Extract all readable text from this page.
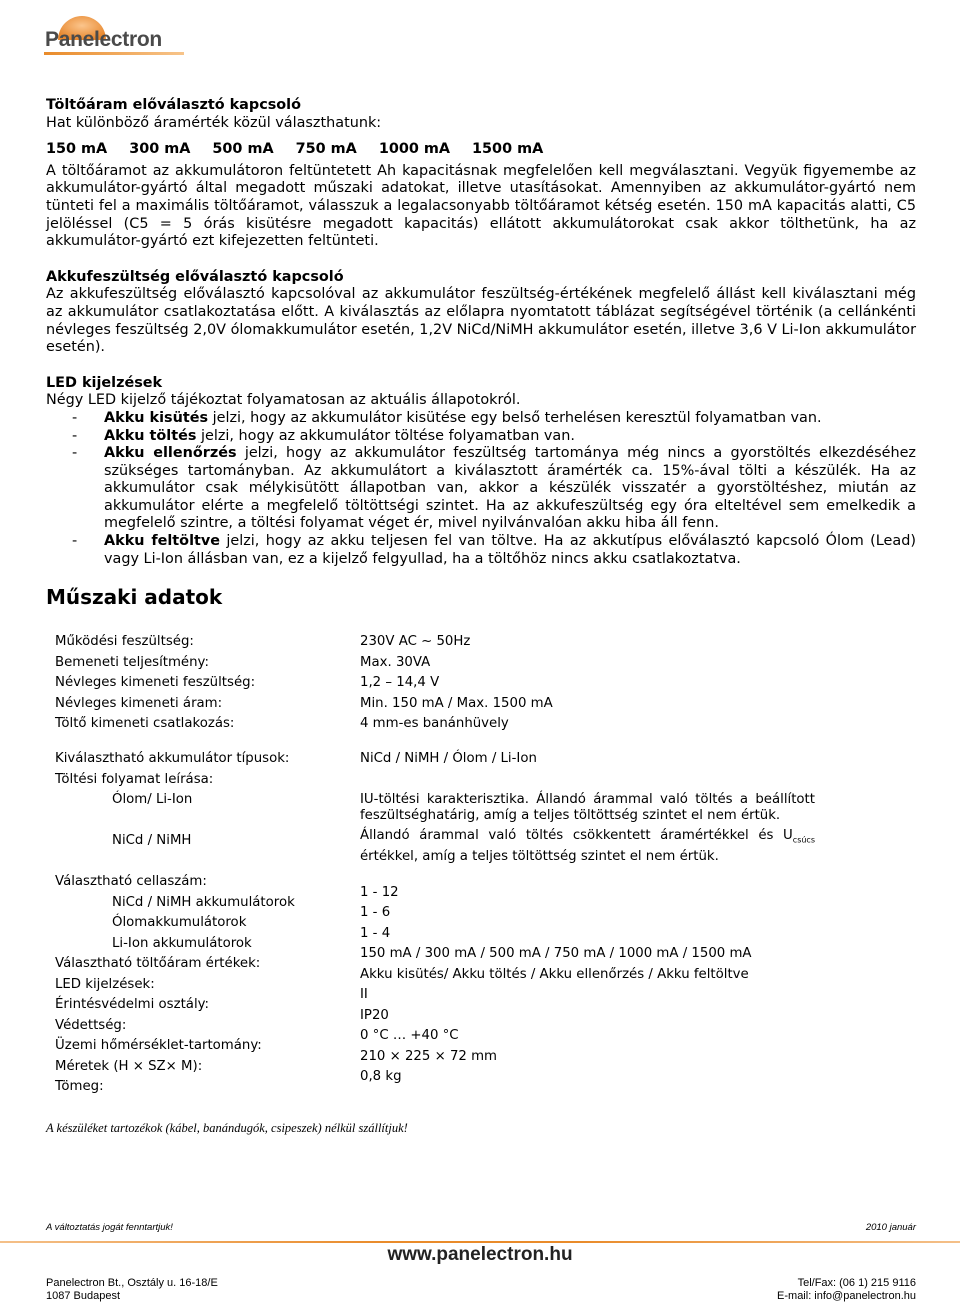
Panelectron

Töltőáram előválasztó kapcsoló

Hat különböző áramérték közül választhatunk:

150 mA 300 mA 500 mA 750 mA 1000 mA 1500 mA

A töltőáramot az akkumulátoron feltüntetett Ah kapacitásnak megfelelően kell megválasztani. Vegyük figyemembe az akkumulátor-gyártó által megadott műszaki adatokat, illetve utasításokat. Amennyiben az akkumulátor-gyártó nem tünteti fel a maximális töltőáramot, válasszuk a legalacsonyabb töltőáramot kétség esetén. 150 mA kapacitás alatti, C5 jelöléssel (C5 = 5 órás kisütésre megadott kapacitás) ellátott akkumulátorokat csak akkor tölthetünk, ha az akkumulátor-gyártó ezt kifejezetten feltünteti.

Akkufeszültség előválasztó kapcsoló

Az akkufeszültség előválasztó kapcsolóval az akkumulátor feszültség-értékének megfelelő állást kell kiválasztani még az akkumulátor csatlakoztatása előtt. A kiválasztás az előlapra nyomtatott táblázat segítségével történik (a cellánkénti névleges feszültség 2,0V ólomakkumulátor esetén, 1,2V NiCd/NiMH akkumulátor esetén, illetve 3,6 V Li-Ion akkumulátor esetén).

LED kijelzések

Négy LED kijelző tájékoztat folyamatosan az aktuális állapotokról.

- Akku kisütés jelzi, hogy az akkumulátor kisütése egy belső terhelésen keresztül folyamatban van.
- Akku töltés jelzi, hogy az akkumulátor töltése folyamatban van.
- Akku ellenőrzés jelzi, hogy az akkumulátor feszültség tartománya még nincs a gyorstöltés elkezdéséhez szükséges tartományban. Az akkumulátort a kiválasztott áramérték ca. 15%-ával tölti a készülék. Ha az akkumulátor csak mélykisütött állapotban van, akkor a készülék visszatér a gyorstöltéshez, miután az akkumulátor elérte a megfelelő töltöttségi szintet. Ha az akkufeszültség egy óra elteltével sem emelkedik a megfelelő szintre, a töltési folyamat véget ér, mivel nyilvánvalóan akku hiba áll fenn.
- Akku feltöltve jelzi, hogy az akku teljesen fel van töltve. Ha az akkutípus előválasztó kapcsoló Ólom (Lead) vagy Li-Ion állásban van, ez a kijelző felgyullad, ha a töltőhöz nincs akku csatlakoztatva.

Műszaki adatok

Működési feszültség:	230V AC ~ 50Hz
Bemeneti teljesítmény:	Max. 30VA
Névleges kimeneti feszültség:	1,2 – 14,4 V
Névleges kimeneti áram:	Min. 150 mA / Max. 1500 mA
Töltő kimeneti csatlakozás:	4 mm-es banánhüvely
Kiválasztható akkumulátor típusok:	NiCd / NiMH / Ólom / Li-Ion
Töltési folyamat leírása:
Ólom/ Li-Ion	IU-töltési karakterisztika. Állandó árammal való töltés a beállított feszültséghatárig, amíg a teljes töltöttség szintet el nem értük.
NiCd / NiMH	Állandó árammal való töltés csökkentett áramértékkel és $U_{csúcs}$ értékkel, amíg a teljes töltöttség szintet el nem értük.
Választható cellaszám:
NiCd / NiMH akkumulátorok
1 - 12
Ólomakkumulátorok
1 - 6
Li-Ion akkumulátorok
1 - 4
Választható töltőáram értékek:
150 mA / 300 mA / 500 mA / 750 mA / 1000 mA / 1500 mA
LED kijelzések:
Akku kisütés/ Akku töltés / Akku ellenőrzés / Akku feltöltve
Érintésvédelmi osztály:
II
Védettség:
IP20
Üzemi hőmérséklet-tartomány:
0 °C … +40 °C
Méretek (H × SZ× M):
210 × 225 × 72 mm
Tömeg:
0,8 kg
A készüléket tartozékok (kábel, banándugók, csipeszek) nélkül szállítjuk!
A változtatás jogát fenntartjuk!	2010 január
www.panelectron.hu
Panelectron Bt., Osztály u. 16-18/E
1087 Budapest
Tel/Fax: (06 1) 215 9116
E-mail: info@panelectron.hu
